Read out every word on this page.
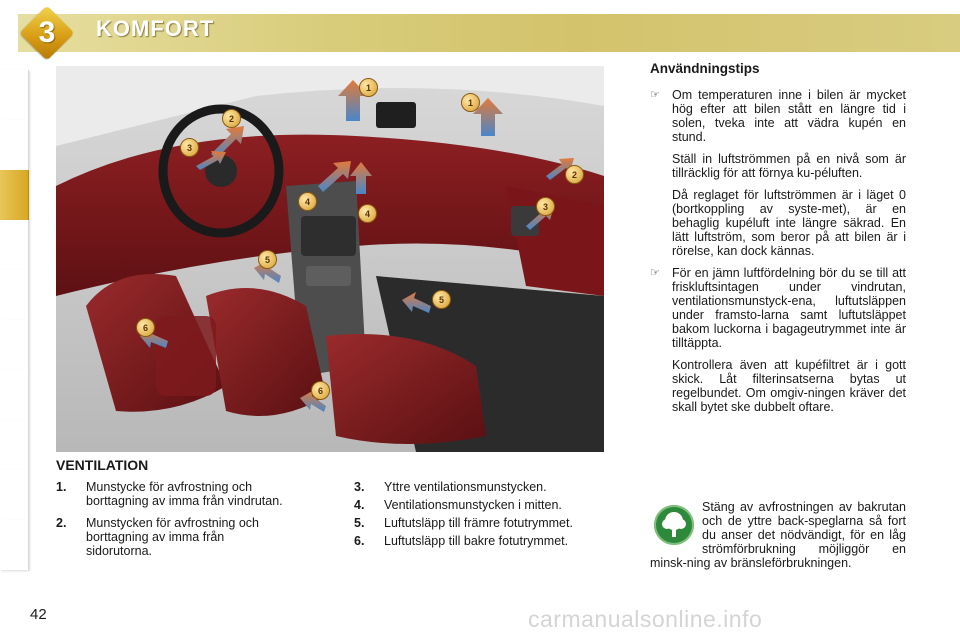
3	KOMFORT
1
1
2
2
3
3
4
4
5
5
6
6
Användningstips
☞ Om temperaturen inne i bilen är mycket hög efter att bilen stått en längre tid i solen, tveka inte att vädra kupén en stund.

Ställ in luftströmmen på en nivå som är tillräcklig för att förnya ku-péluften.

Då reglaget för luftströmmen är i läget 0 (bortkoppling av syste-met), är en behaglig kupéluft inte längre säkrad. En lätt luftström, som beror på att bilen är i rörelse, kan dock kännas.

☞ För en jämn luftfördelning bör du se till att friskluftsintagen under vindrutan, ventilationsmunstyck-ena, luftutsläppen under framsto-larna samt luftutsläppet bakom luckorna i bagageutrymmet inte är tilltäppta.

Kontrollera även att kupéfiltret är i gott skick. Låt filterinsatserna bytas ut regelbundet. Om omgiv-ningen kräver det skall bytet ske dubbelt oftare.

VENTILATION
1. Munstycke för avfrostning och borttagning av imma från vindrutan.
2. Munstycken för avfrostning och borttagning av imma från sidorutorna.
3. Yttre ventilationsmunstycken.
4. Ventilationsmunstycken i mitten.
5. Luftutsläpp till främre fotutrymmet.
6. Luftutsläpp till bakre fotutrymmet.
Stäng av avfrostningen av bakrutan och de yttre back-speglarna så fort du anser det nödvändigt, för en låg strömförbrukning möjliggör en minsk-ning av bränsleförbrukningen.
42	carmanualsonline.info
